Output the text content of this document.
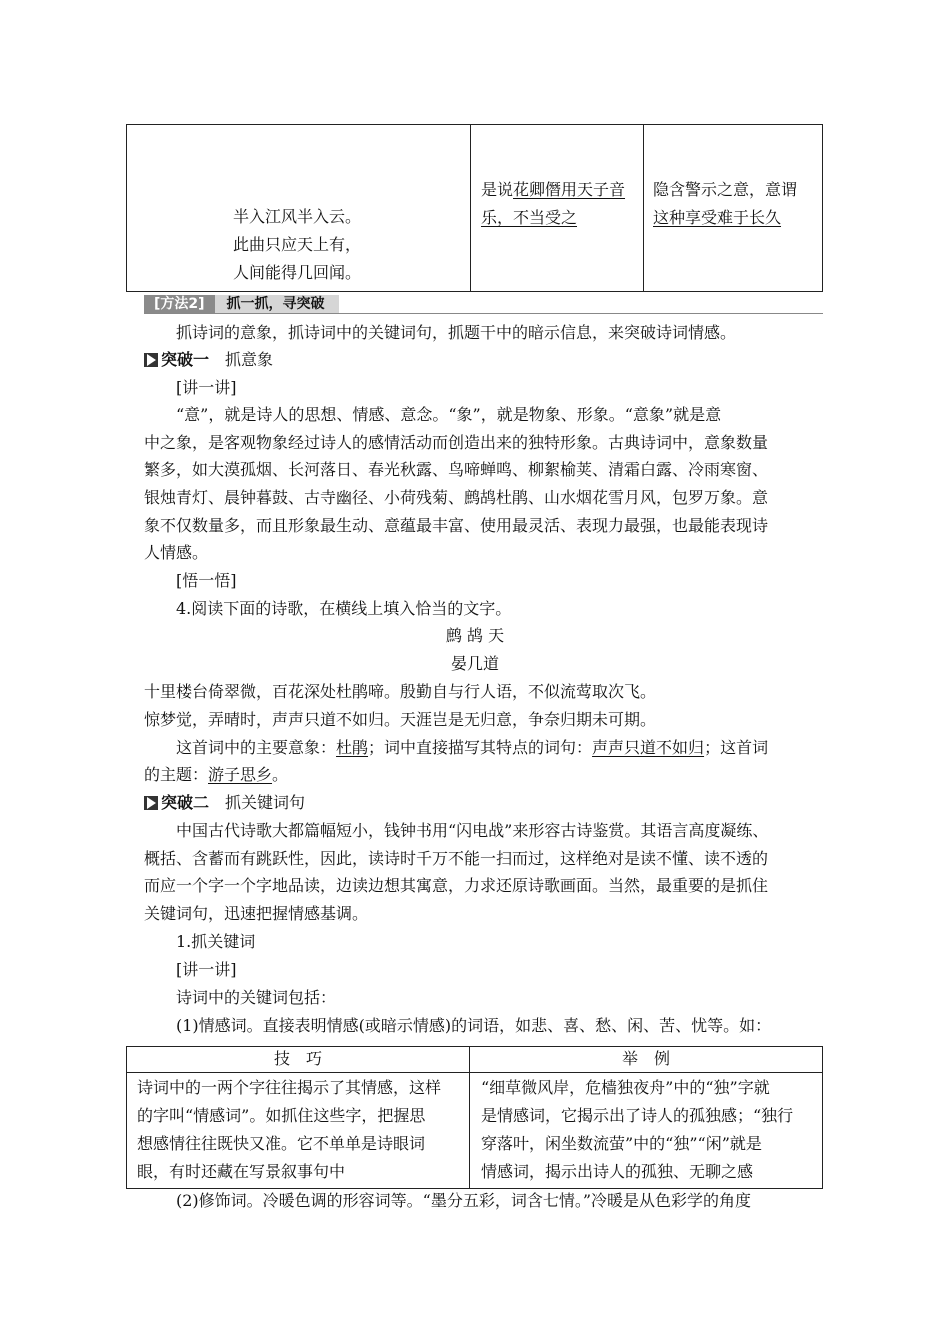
半入江风半入云。
此曲只应天上有，
人间能得几回闻。
是说花卿僭用天子音
乐，不当受之
隐含警示之意，意谓
这种享受难于长久
[方法2]	抓一抓，寻突破
抓诗词的意象，抓诗词中的关键词句，抓题干中的暗示信息，来突破诗词情感。
突破一 抓意象
[讲一讲]
“意”，就是诗人的思想、情感、意念。“象”，就是物象、形象。“意象”就是意
中之象，是客观物象经过诗人的感情活动而创造出来的独特形象。古典诗词中，意象数量
繁多，如大漠孤烟、长河落日、春光秋露、鸟啼蝉鸣、柳絮榆荚、清霜白露、冷雨寒窗、
银烛青灯、晨钟暮鼓、古寺幽径、小荷残菊、鹧鸪杜鹃、山水烟花雪月风，包罗万象。意
象不仅数量多，而且形象最生动、意蕴最丰富、使用最灵活、表现力最强，也最能表现诗
人情感。
[悟一悟]
4.阅读下面的诗歌，在横线上填入恰当的文字。
鹧 鸪 天
晏几道
十里楼台倚翠微，百花深处杜鹃啼。殷勤自与行人语，不似流莺取次飞。
惊梦觉，弄晴时，声声只道不如归。天涯岂是无归意，争奈归期未可期。
这首词中的主要意象：杜鹃；词中直接描写其特点的词句：声声只道不如归；这首词
的主题：游子思乡。
突破二 抓关键词句
中国古代诗歌大都篇幅短小，钱钟书用“闪电战”来形容古诗鉴赏。其语言高度凝练、
概括、含蓄而有跳跃性，因此，读诗时千万不能一扫而过，这样绝对是读不懂、读不透的
而应一个字一个字地品读，边读边想其寓意，力求还原诗歌画面。当然，最重要的是抓住
关键词句，迅速把握情感基调。
1.抓关键词
[讲一讲]
诗词中的关键词包括：
(1)情感词。直接表明情感(或暗示情感)的词语，如悲、喜、愁、闲、苦、忧等。如：
技　巧	举　例
诗词中的一两个字往往揭示了其情感，这样
的字叫“情感词”。如抓住这些字，把握思
想感情往往既快又准。它不单单是诗眼词
眼，有时还藏在写景叙事句中
“细草微风岸，危樯独夜舟”中的“独”字就
是情感词，它揭示出了诗人的孤独感；“独行
穿落叶，闲坐数流萤”中的“独”“闲”就是
情感词，揭示出诗人的孤独、无聊之感
(2)修饰词。冷暖色调的形容词等。“墨分五彩，词含七情。”冷暖是从色彩学的角度
